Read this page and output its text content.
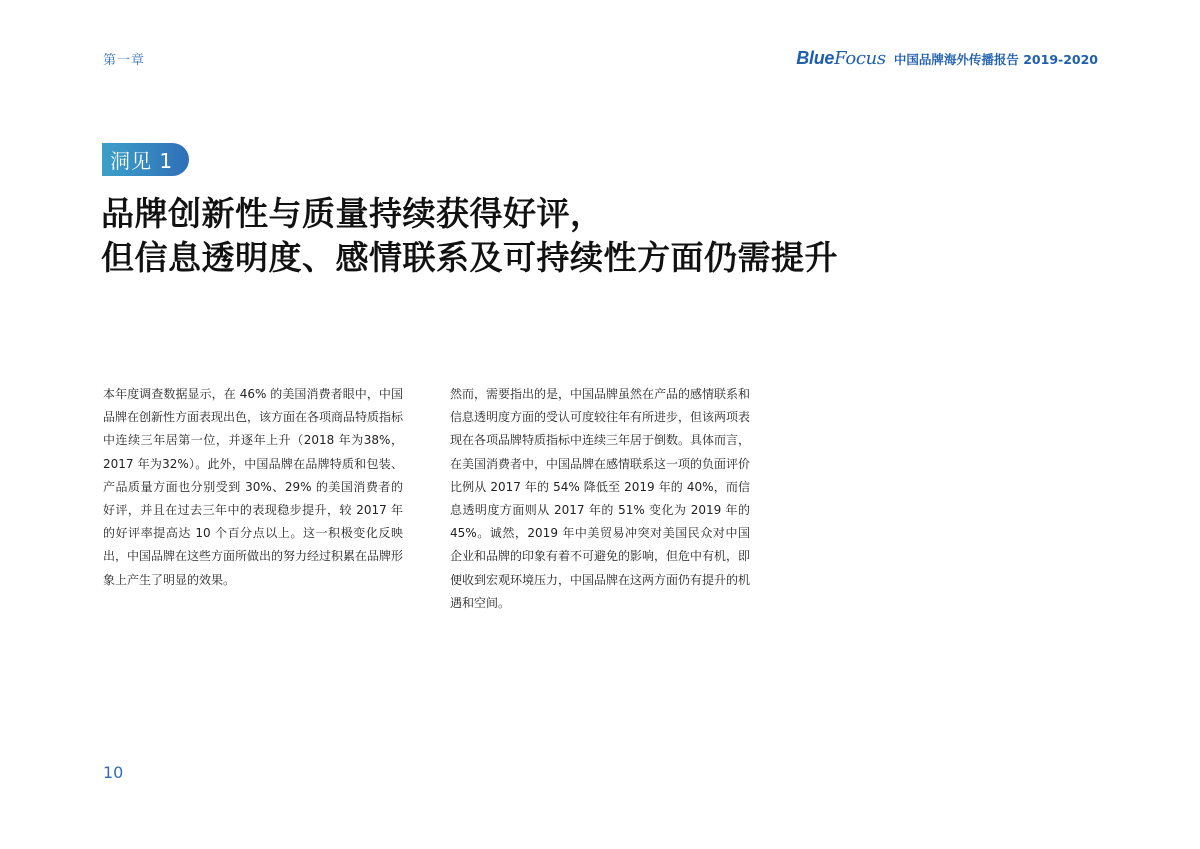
第一章	BlueFocus 中国品牌海外传播报告 2019-2020
洞见 1
品牌创新性与质量持续获得好评，
但信息透明度、感情联系及可持续性方面仍需提升

本年度调查数据显示，在 46% 的美国消费者眼中，中国品牌在创新性方面表现出色，该方面在各项商品特质指标中连续三年居第一位，并逐年上升（2018 年为38%，2017 年为32%）。此外，中国品牌在品牌特质和包装、产品质量方面也分别受到 30%、29% 的美国消费者的好评，并且在过去三年中的表现稳步提升，较 2017 年的好评率提高达 10 个百分点以上。这一积极变化反映出，中国品牌在这些方面所做出的努力经过积累在品牌形象上产生了明显的效果。

然而，需要指出的是，中国品牌虽然在产品的感情联系和信息透明度方面的受认可度较往年有所进步，但该两项表现在各项品牌特质指标中连续三年居于倒数。具体而言，在美国消费者中，中国品牌在感情联系这一项的负面评价比例从 2017 年的 54% 降低至 2019 年的 40%，而信息透明度方面则从 2017 年的 51% 变化为 2019 年的 45%。诚然，2019 年中美贸易冲突对美国民众对中国企业和品牌的印象有着不可避免的影响，但危中有机，即便收到宏观环境压力，中国品牌在这两方面仍有提升的机遇和空间。

10
